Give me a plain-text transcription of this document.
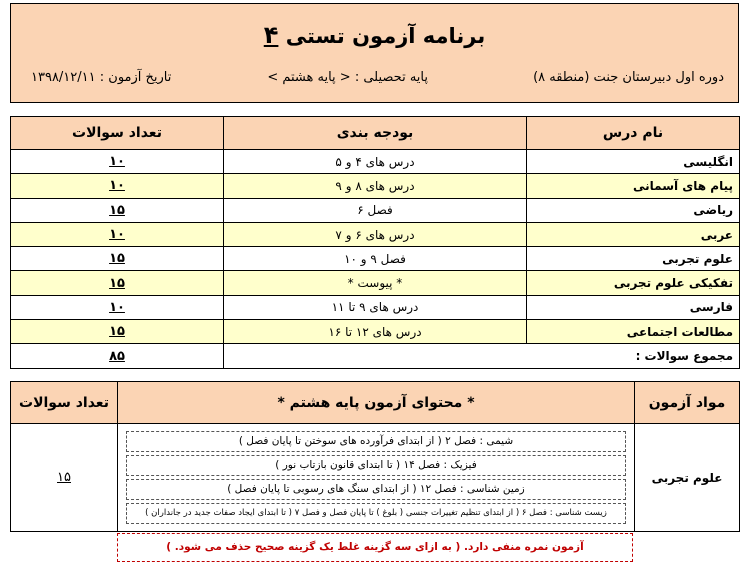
برنامه آزمون تستی ۴
دوره اول دبیرستان جنت (منطقه ۸)
پایه تحصیلی : < پایه هشتم >
تاریخ آزمون : ۱۳۹۸/۱۲/۱۱
نام درس	بودجه بندی	تعداد سوالات
انگلیسی	درس های ۴ و ۵	۱۰
پیام های آسمانی	درس های ۸ و ۹	۱۰
ریاضی	فصل ۶	۱۵
عربی	درس های ۶ و ۷	۱۰
علوم تجربی	فصل ۹ و ۱۰	۱۵
تفکیکی علوم تجربی	* پیوست *	۱۵
فارسی	درس های ۹ تا ۱۱	۱۰
مطالعات اجتماعی	درس های ۱۲ تا ۱۶	۱۵
مجموع سوالات :		۸۵
مواد آزمون	* محتوای آزمون پایه هشتم *	تعداد سوالات
علوم تجربی	شیمی : فصل ۲ ( از ابتدای فرآورده های سوختن تا پایان فصل )
فیزیک : فصل ۱۴ ( تا ابتدای قانون بازتاب نور )
زمین شناسی : فصل ۱۲ ( از ابتدای سنگ های رسوبی تا پایان فصل )
زیست شناسی : فصل ۶ ( از ابتدای تنظیم تغییرات جنسی ( بلوغ ) تا پایان فصل و فصل ۷ ( تا ابتدای ایجاد صفات جدید در جانداران )	۱۵
آزمون نمره منفی دارد. ( به ازای سه گزینه غلط یک گزینه صحیح حذف می شود. )
